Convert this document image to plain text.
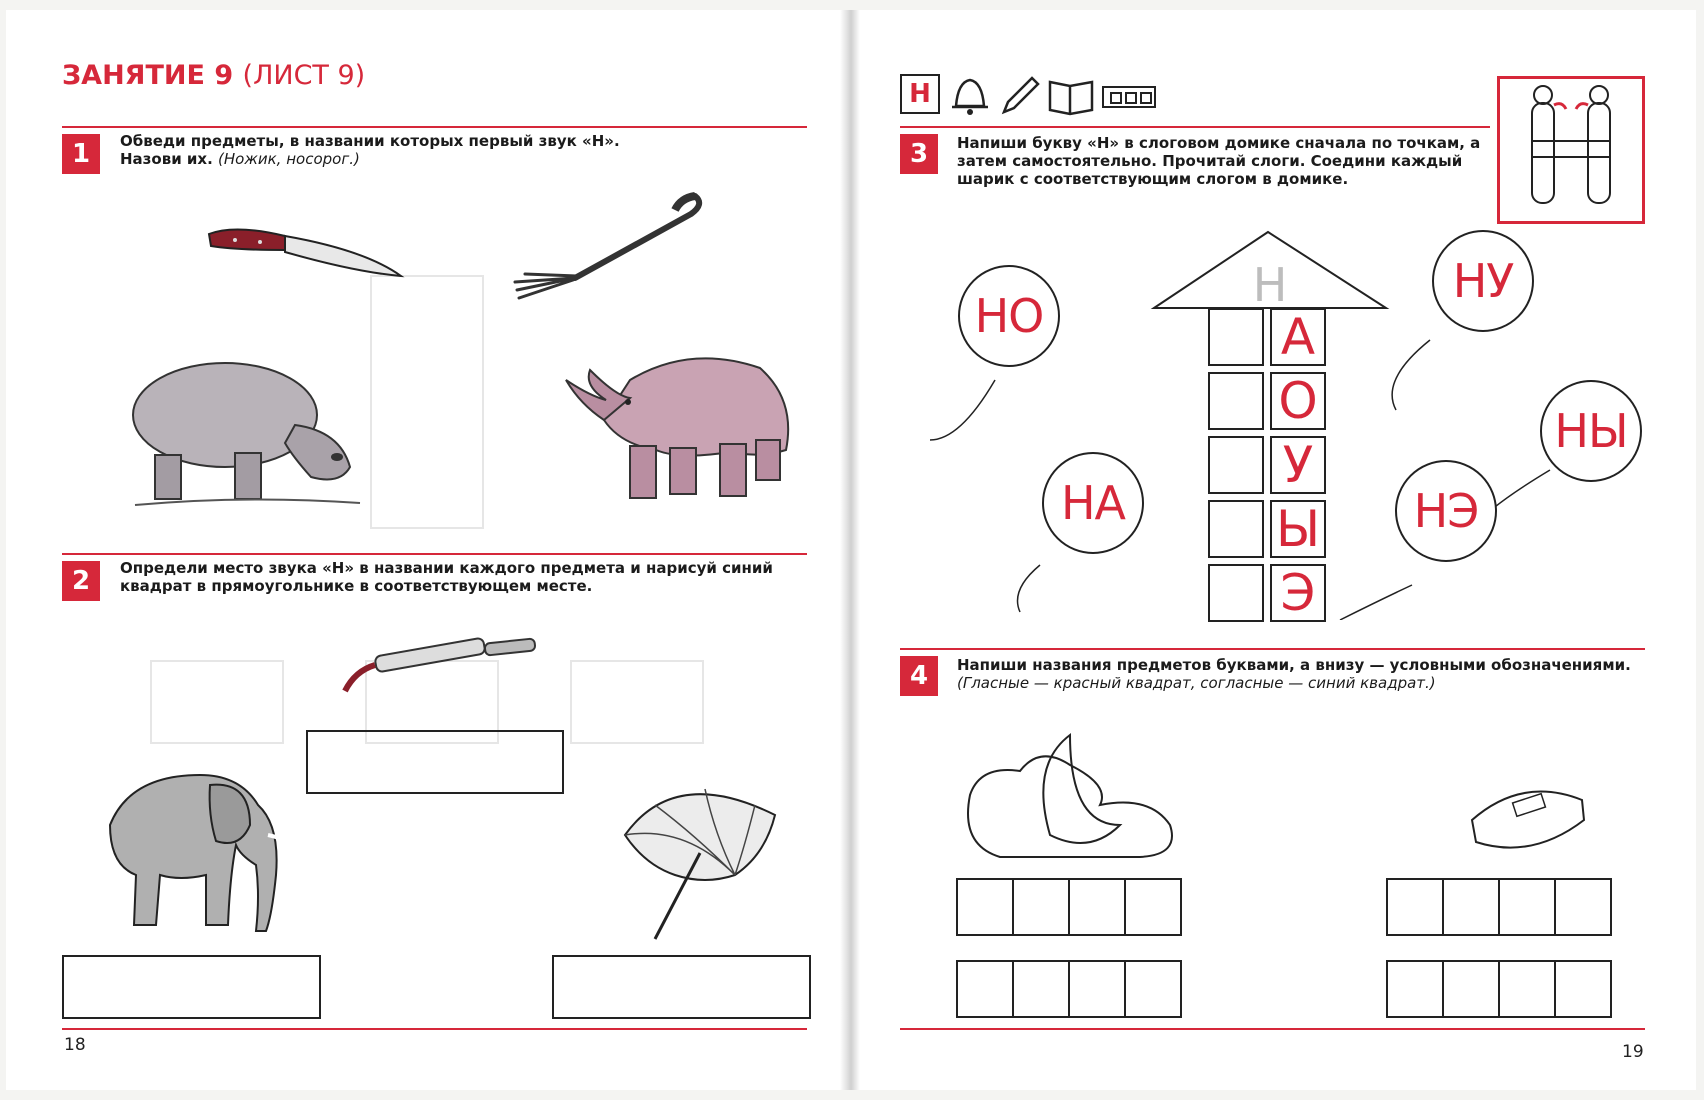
ЗАНЯТИЕ 9 (ЛИСТ 9)
1	Обведи предметы, в названии которых первый звук «Н». Назови их. (Ножик, носорог.)
2	Определи место звука «Н» в названии каждого предмета и нарисуй синий квадрат в прямоугольнике в соответствующем месте.
18
Н
3	Напиши букву «Н» в слоговом домике сначала по точкам, а затем самостоятельно. Прочитай слоги. Соедини каждый шарик с соответствующим слогом в домике.
Н
А
О
У
Ы
Э
НО
НА
НУ
НЫ
НЭ
4	Напиши названия предметов буквами, а внизу — условными обозначениями.
(Гласные — красный квадрат, согласные — синий квадрат.)
19
